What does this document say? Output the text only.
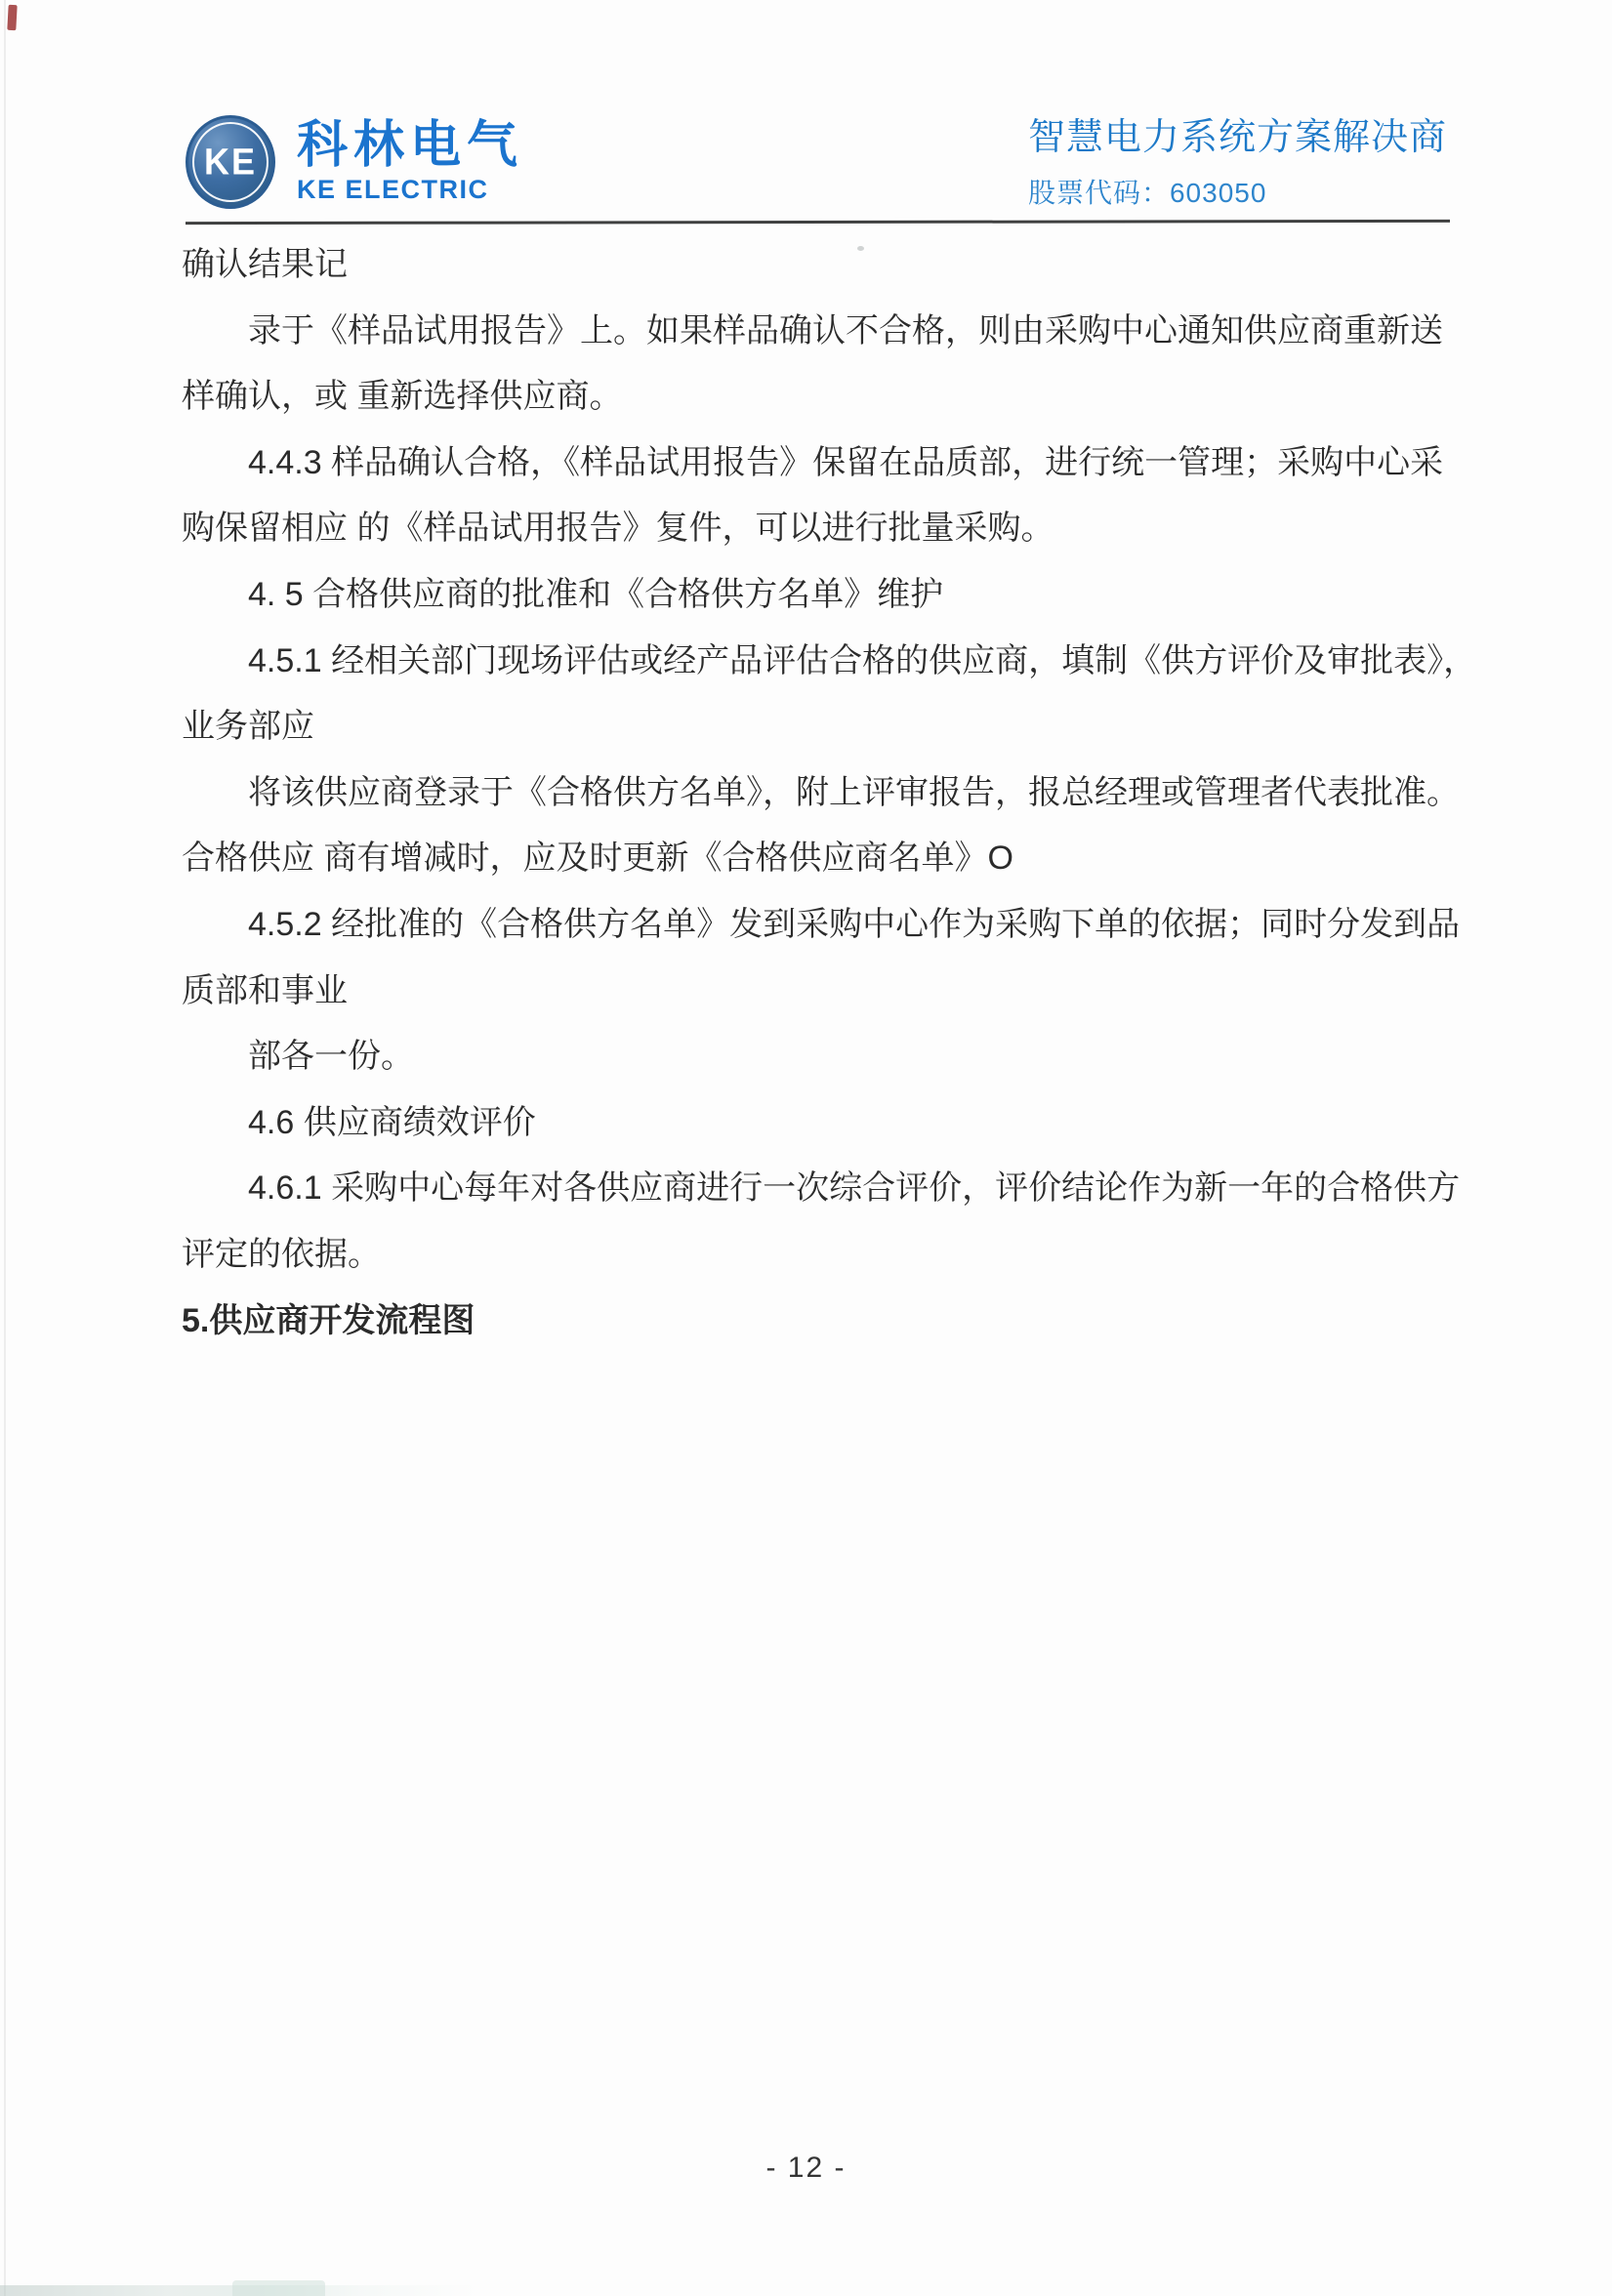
KE 科林电气
KE ELECTRIC
智慧电力系统方案解决商
股票代码：603050

确认结果记

录于《样品试用报告》上。如果样品确认不合格，则由采购中心通知供应商重新送

样确认，或 重新选择供应商。

4.4.3 样品确认合格，《样品试用报告》保留在品质部，进行统一管理；采购中心采

购保留相应 的《样品试用报告》复件，可以进行批量采购。

4. 5 合格供应商的批准和《合格供方名单》维护

4.5.1 经相关部门现场评估或经产品评估合格的供应商，填制《供方评价及审批表》，

业务部应

将该供应商登录于《合格供方名单》，附上评审报告，报总经理或管理者代表批准。

合格供应 商有增减时，应及时更新《合格供应商名单》O

4.5.2 经批准的《合格供方名单》发到采购中心作为采购下单的依据；同时分发到品

质部和事业

部各一份。

4.6 供应商绩效评价

4.6.1 采购中心每年对各供应商进行一次综合评价，评价结论作为新一年的合格供方

评定的依据。

5.供应商开发流程图

- 12 -
